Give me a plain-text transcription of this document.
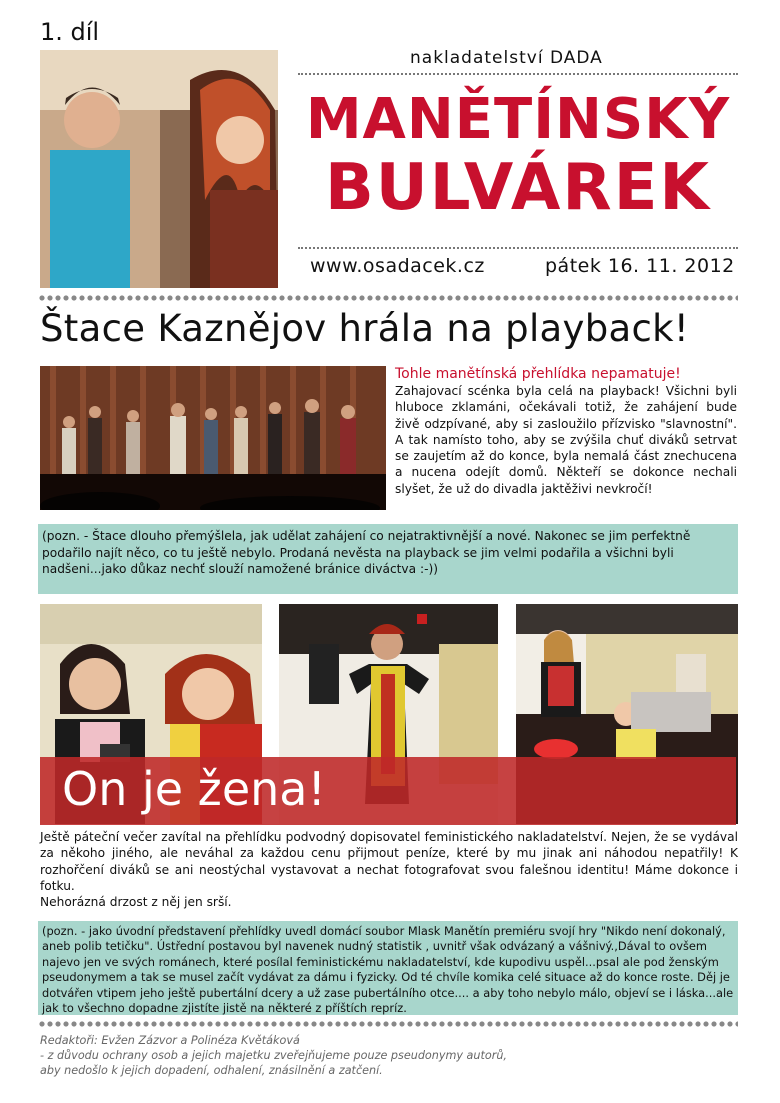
1. díl
nakladatelství DADA
MANĚTÍNSKÝ
BULVÁREK
www.osadacek.cz	pátek 16. 11. 2012
Štace Kaznějov hrála na playback!
Tohle manětínská přehlídka nepamatuje!
Zahajovací scénka byla celá na playback! Všichni byli hluboce zklamáni, očekávali totiž, že zahájení bude živě odzpívané, aby si zasloužilo přízvisko "slavnostní". A tak namísto toho, aby se zvýšila chuť diváků setrvat se zaujetím až do konce, byla nemalá část znechucena a nucena odejít domů. Někteří se dokonce nechali slyšet, že už do divadla jaktěživi nevkročí!
(pozn. - Štace dlouho přemýšlela, jak udělat zahájení co nejatraktivnější a nové. Nakonec se jim perfektně podařilo najít něco, co tu ještě nebylo. Prodaná nevěsta na playback se jim velmi podařila a všichni byli nadšeni...jako důkaz nechť slouží namožené bránice diváctva :-))
On je žena!
Ještě páteční večer zavítal na přehlídku podvodný dopisovatel feministického nakladatelství. Nejen, že se vydával za někoho jiného, ale neváhal za každou cenu přijmout peníze, které by mu jinak ani náhodou nepatřily! K rozhořčení diváků se ani neostýchal vystavovat a nechat fotografovat svou falešnou identitu! Máme dokonce i fotku.
Nehorázná drzost z něj jen srší.
(pozn. - jako úvodní představení přehlídky uvedl domácí soubor Mlask Manětín premiéru svojí hry "Nikdo není dokonalý, aneb polib tetičku". Ústřední postavou byl navenek nudný statistik , uvnitř však odvázaný a vášnivý.,Dával to ovšem najevo jen ve svých románech, které posílal feministickému nakladatelství, kde kupodivu uspěl...psal ale pod ženským pseudonymem a tak se musel začít vydávat za dámu i fyzicky. Od té chvíle komika celé situace až do konce roste. Děj je dotvářen vtipem jeho ještě pubertální dcery a už zase pubertálního otce.... a aby toho nebylo málo, objeví se i láska...ale jak to všechno dopadne zjistíte jistě na některé z příštích repríz.
Redaktoři: Evžen Zázvor a Polinéza Květáková
- z důvodu ochrany osob a jejich majetku zveřejňujeme pouze pseudonymy autorů,
aby nedošlo k jejich dopadení, odhalení, znásilnění a zatčení.
